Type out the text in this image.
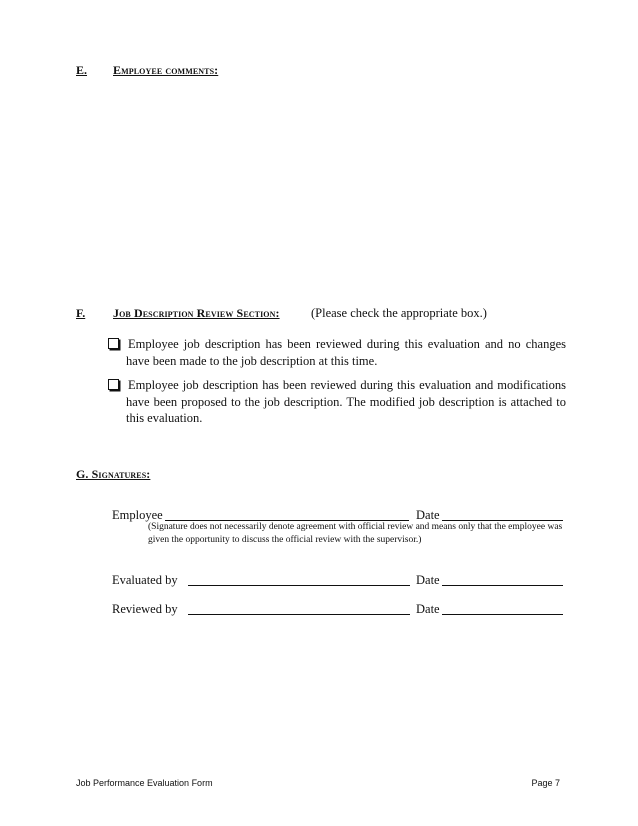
E. Employee comments:
F. Job Description Review Section:	(Please check the appropriate box.)
Employee job description has been reviewed during this evaluation and no changes
have been made to the job description at this time.
Employee job description has been reviewed during this evaluation and modifications
have been proposed to the job description. The modified job description is attached to
this evaluation.
G. Signatures:
Employee	Date
(Signature does not necessarily denote agreement with official review and means only that the employee was
given the opportunity to discuss the official review with the supervisor.)
Evaluated by	Date
Reviewed by	Date
Job Performance Evaluation Form	Page 7
